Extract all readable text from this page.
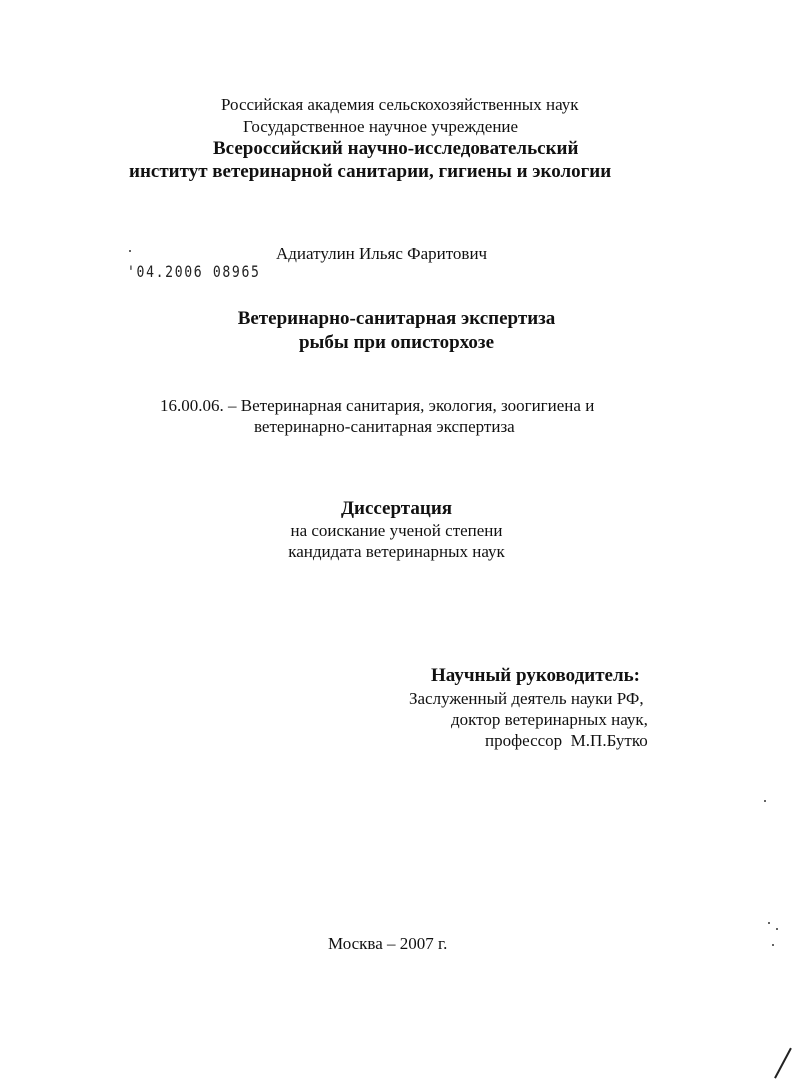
Российская академия сельскохозяйственных наук
Государственное научное учреждение
Всероссийский научно-исследовательский
институт ветеринарной санитарии, гигиены и экологии
'04.2006 08965
Адиатулин Ильяс Фаритович
Ветеринарно-санитарная экспертиза
рыбы при описторхозе
16.00.06. – Ветеринарная санитария, экология, зоогигиена и
ветеринарно-санитарная экспертиза
Диссертация
на соискание ученой степени
кандидата ветеринарных наук
Научный руководитель:
Заслуженный деятель науки РФ,
доктор ветеринарных наук,
профессор  М.П.Бутко
Москва – 2007 г.
